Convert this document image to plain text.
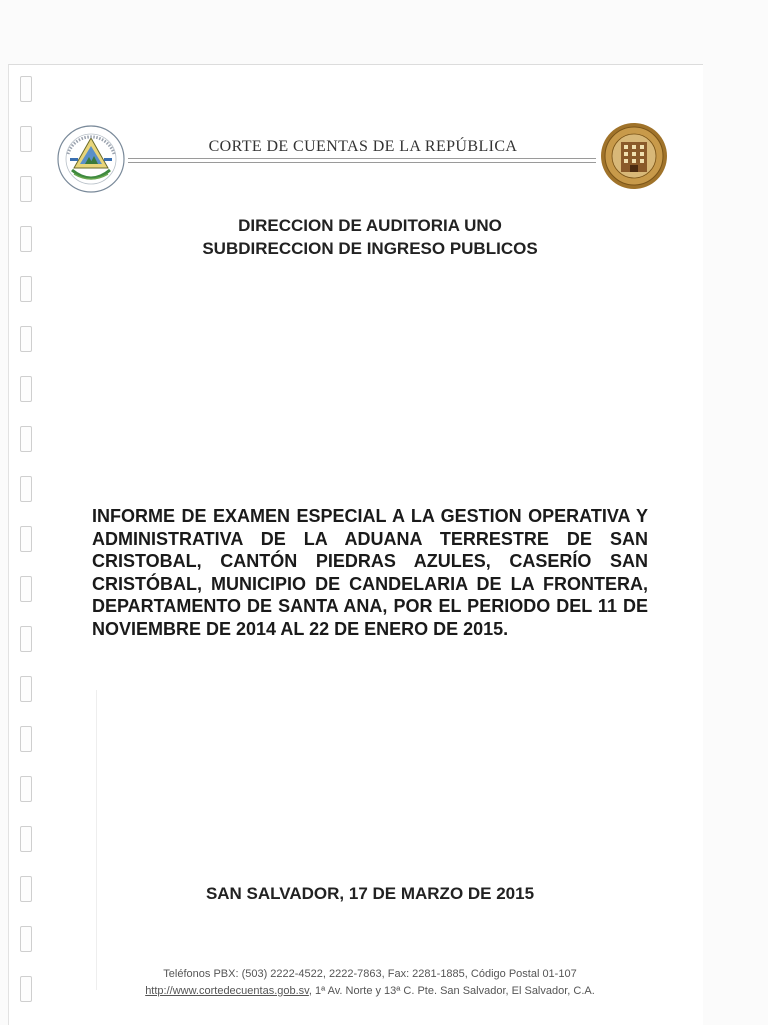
CORTE DE CUENTAS DE LA REPÚBLICA
DIRECCION DE AUDITORIA UNO
SUBDIRECCION DE INGRESO PUBLICOS
INFORME DE EXAMEN ESPECIAL A LA GESTION OPERATIVA Y ADMINISTRATIVA DE LA ADUANA TERRESTRE DE SAN CRISTOBAL, CANTÓN PIEDRAS AZULES, CASERÍO SAN CRISTÓBAL, MUNICIPIO DE CANDELARIA DE LA FRONTERA, DEPARTAMENTO DE SANTA ANA, POR EL PERIODO DEL 11 DE NOVIEMBRE DE 2014 AL 22 DE ENERO DE 2015.
SAN SALVADOR, 17 DE MARZO DE 2015
Teléfonos PBX: (503) 2222-4522, 2222-7863, Fax: 2281-1885, Código Postal 01-107
http://www.cortedecuentas.gob.sv, 1ª Av. Norte y 13ª C. Pte. San Salvador, El Salvador, C.A.
